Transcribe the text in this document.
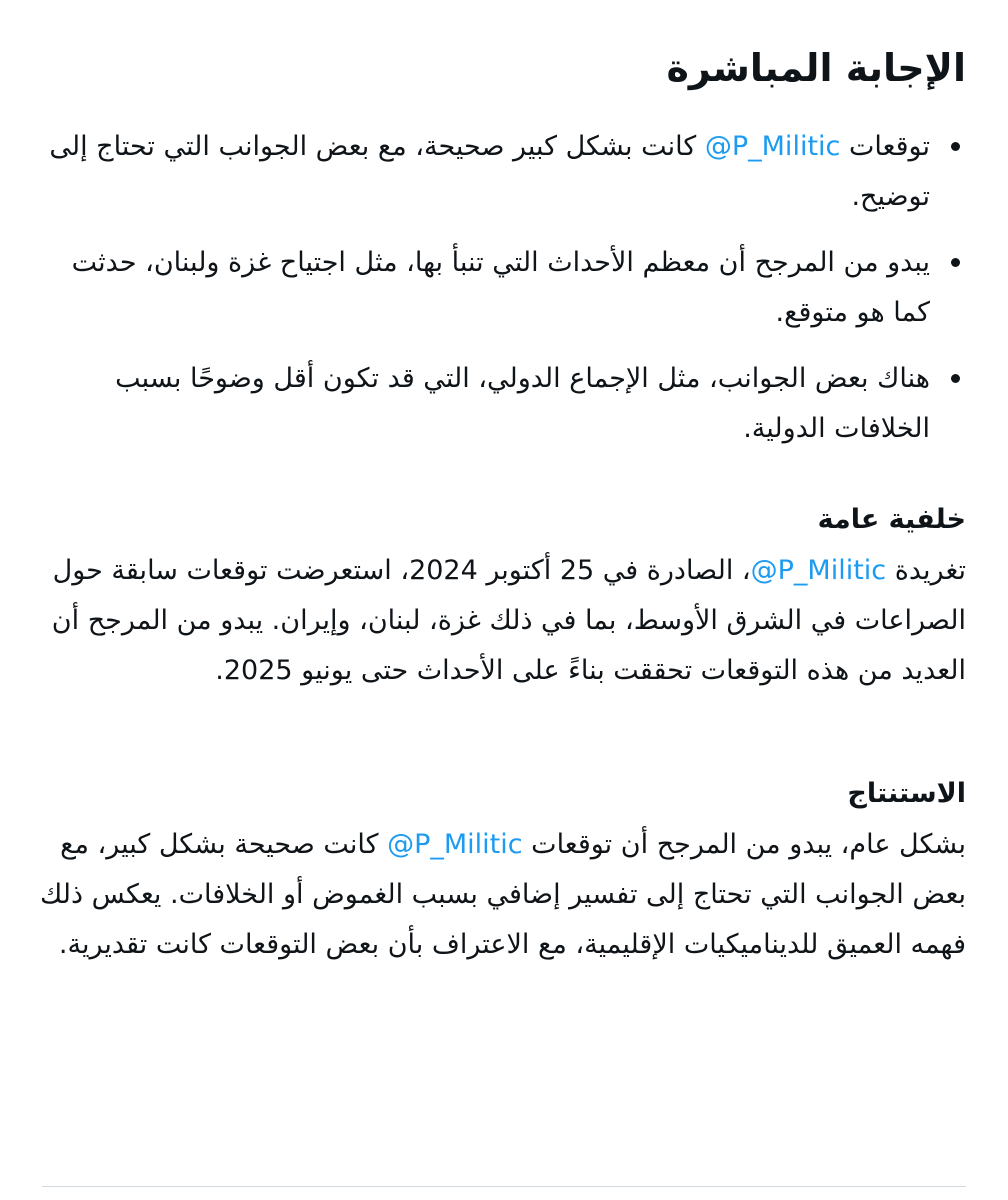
الإجابة المباشرة
توقعات @P_Militic كانت بشكل كبير صحيحة، مع بعض الجوانب التي تحتاج إلى توضيح.
يبدو من المرجح أن معظم الأحداث التي تنبأ بها، مثل اجتياح غزة ولبنان، حدثت كما هو متوقع.
هناك بعض الجوانب، مثل الإجماع الدولي، التي قد تكون أقل وضوحًا بسبب الخلافات الدولية.
خلفية عامة

تغريدة @P_Militic، الصادرة في 25 أكتوبر 2024، استعرضت توقعات سابقة حول الصراعات في الشرق الأوسط، بما في ذلك غزة، لبنان، وإيران. يبدو من المرجح أن العديد من هذه التوقعات تحققت بناءً على الأحداث حتى يونيو 2025.

الاستنتاج

بشكل عام، يبدو من المرجح أن توقعات @P_Militic كانت صحيحة بشكل كبير، مع بعض الجوانب التي تحتاج إلى تفسير إضافي بسبب الغموض أو الخلافات. يعكس ذلك فهمه العميق للديناميكيات الإقليمية، مع الاعتراف بأن بعض التوقعات كانت تقديرية.
